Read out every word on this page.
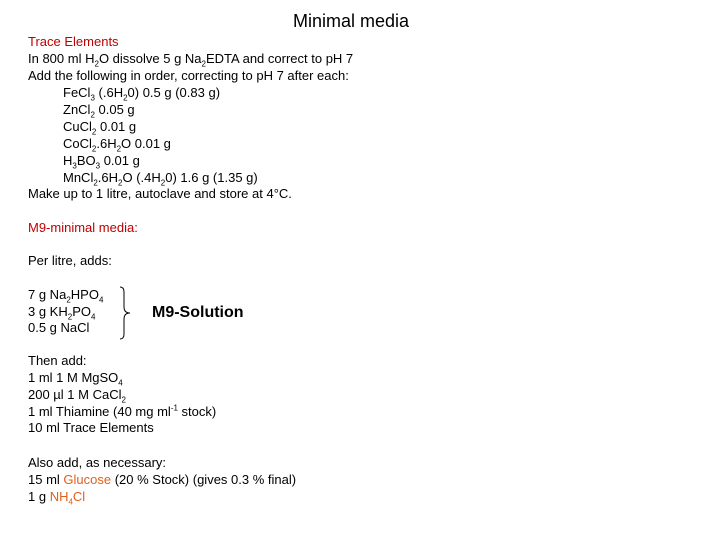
Minimal media
Trace Elements
In 800 ml $H_2O$ dissolve 5 g $Na_2EDTA$ and correct to pH 7
Add the following in order, correcting to pH 7 after each:
FeCl$_3$ $(.6H_20)$ 0.5 g (0.83 g)
ZnCl$_2$ 0.05 g
CuCl$_2$ 0.01 g
$CoCl_2.6H_2O$ 0.01 g
$H_3BO_3$ 0.01 g
$MnCl_2.6H_2O$ $(.4H_20)$ 1.6 g (1.35 g)
Make up to 1 litre, autoclave and store at 4°C.
M9-minimal media:
Per litre, adds:
7 g $Na_2HPO_4$
3 g $KH_2PO_4$
0.5 g NaCl
M9-Solution
Then add:
1 ml 1 M MgSO$_4$
200 µl 1 M CaCl$_2$
1 ml Thiamine (40 mg $ml^{-1}$ stock)
10 ml Trace Elements
Also add, as necessary:
15 ml Glucose (20 % Stock) (gives 0.3 % final)
1 g $NH_4Cl$
